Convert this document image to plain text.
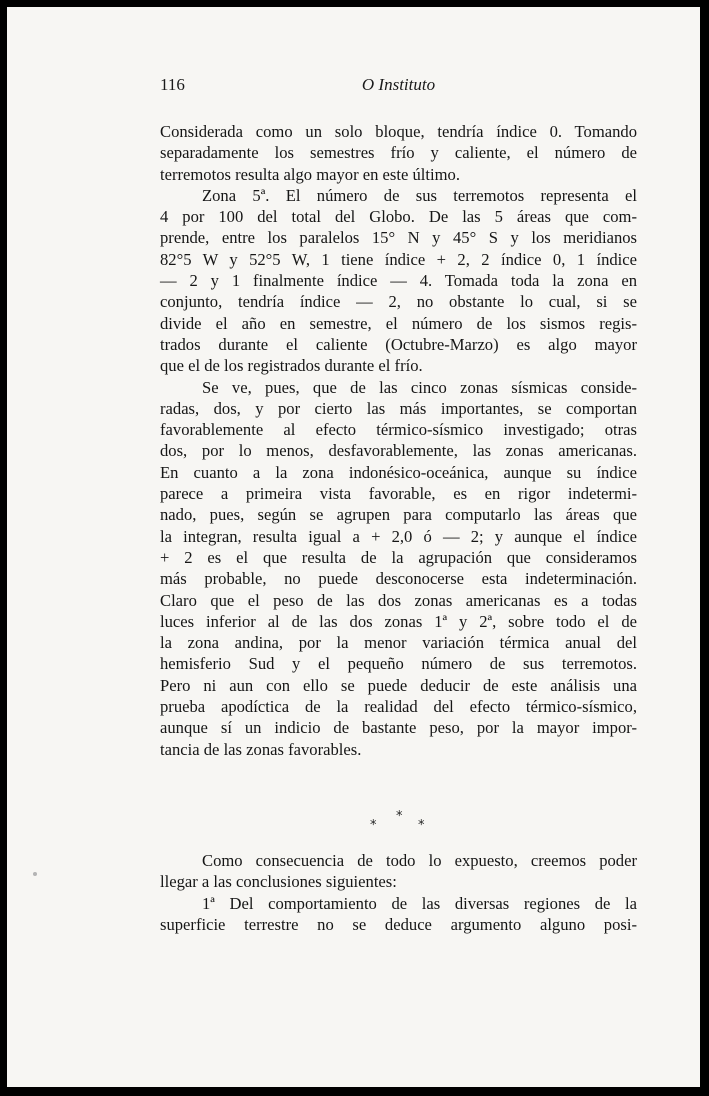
116	O Instituto

Considerada como un solo bloque, tendría índice 0. Tomando

separadamente los semestres frío y caliente, el número de

terremotos resulta algo mayor en este último.

Zona 5ª. El número de sus terremotos representa el

4 por 100 del total del Globo. De las 5 áreas que com-

prende, entre los paralelos 15° N y 45° S y los meridianos

82°5 W y 52°5 W, 1 tiene índice + 2, 2 índice 0, 1 índice

— 2 y 1 finalmente índice — 4. Tomada toda la zona en

conjunto, tendría índice — 2, no obstante lo cual, si se

divide el año en semestre, el número de los sismos regis-

trados durante el caliente (Octubre-Marzo) es algo mayor

que el de los registrados durante el frío.

Se ve, pues, que de las cinco zonas sísmicas conside-

radas, dos, y por cierto las más importantes, se comportan

favorablemente al efecto térmico-sísmico investigado; otras

dos, por lo menos, desfavorablemente, las zonas americanas.

En cuanto a la zona indonésico-oceánica, aunque su índice

parece a primeira vista favorable, es en rigor indetermi-

nado, pues, según se agrupen para computarlo las áreas que

la integran, resulta igual a + 2,0 ó — 2; y aunque el índice

+ 2 es el que resulta de la agrupación que consideramos

más probable, no puede desconocerse esta indeterminación.

Claro que el peso de las dos zonas americanas es a todas

luces inferior al de las dos zonas 1ª y 2ª, sobre todo el de

la zona andina, por la menor variación térmica anual del

hemisferio Sud y el pequeño número de sus terremotos.

Pero ni aun con ello se puede deducir de este análisis una

prueba apodíctica de la realidad del efecto térmico-sísmico,

aunque sí un indicio de bastante peso, por la mayor impor-

tancia de las zonas favorables.

*
*	*

Como consecuencia de todo lo expuesto, creemos poder

llegar a las conclusiones siguientes:

1ª Del comportamiento de las diversas regiones de la

superficie terrestre no se deduce argumento alguno posi-
